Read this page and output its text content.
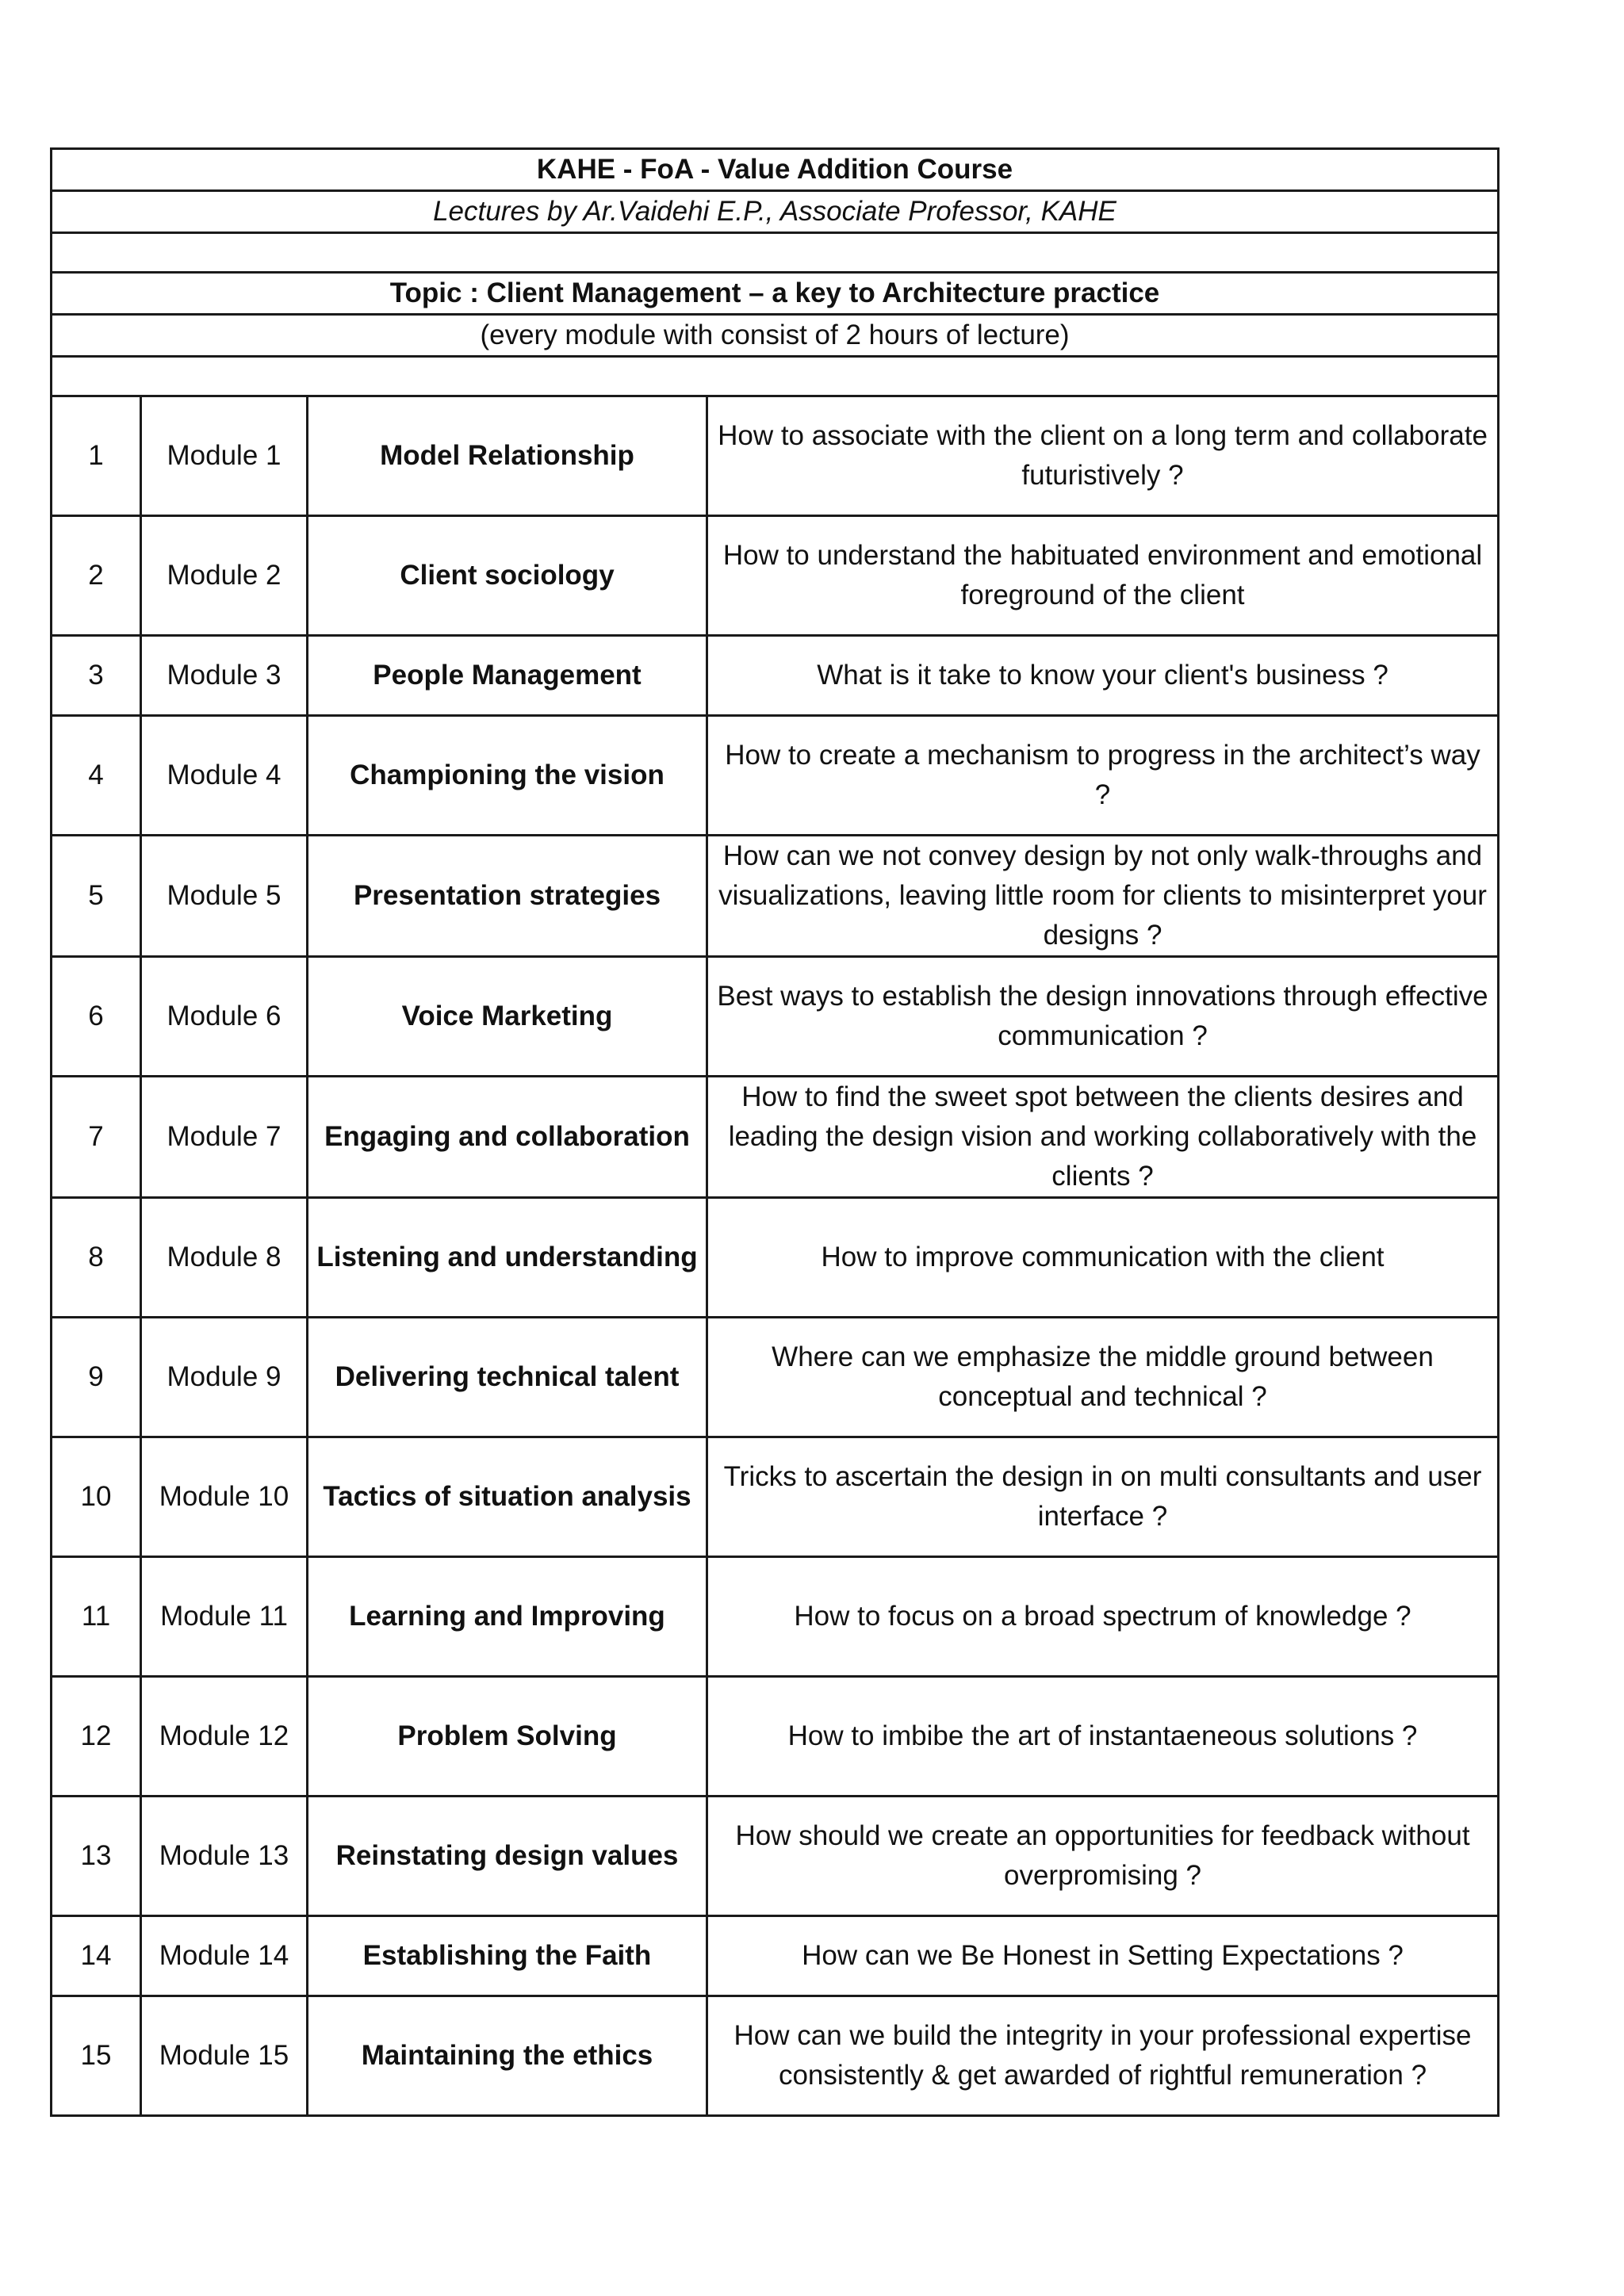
KAHE - FoA - Value Addition Course			
Lectures by Ar.Vaidehi E.P., Associate Professor, KAHE			

Topic : Client Management – a key to Architecture practice			
(every module with consist of 2 hours of lecture)			

1	Module 1	Model Relationship	How to associate with the client on a long term and collaborate futuristively ?
2	Module 2	Client sociology	How to understand the habituated environment and emotional foreground of the client
3	Module 3	People Management	What is it take to know your client's business ?
4	Module 4	Championing the vision	How to create a mechanism to progress in the architect’s way ?
5	Module 5	Presentation strategies	How can we not convey design by not only walk-throughs and visualizations, leaving little room for clients to misinterpret your designs ?
6	Module 6	Voice Marketing	Best ways to establish the design innovations through effective communication ?
7	Module 7	Engaging and collaboration	How to find the sweet spot between the clients desires and leading the design vision and working collaboratively with the clients ?
8	Module 8	Listening and understanding	How to improve communication with the client
9	Module 9	Delivering technical talent	Where can we emphasize the middle ground between conceptual and technical ?
10	Module 10	Tactics of situation analysis	Tricks to ascertain the design in on multi consultants and user interface ?
11	Module 11	Learning and Improving	How to focus on a broad spectrum of knowledge ?
12	Module 12	Problem Solving	How to imbibe the art of instantaeneous solutions ?
13	Module 13	Reinstating design values	How should we create an opportunities for feedback without overpromising ?
14	Module 14	Establishing the Faith	How can we Be Honest in Setting Expectations ?
15	Module 15	Maintaining the ethics	How can we build the integrity in your professional expertise consistently & get awarded of rightful remuneration ?
